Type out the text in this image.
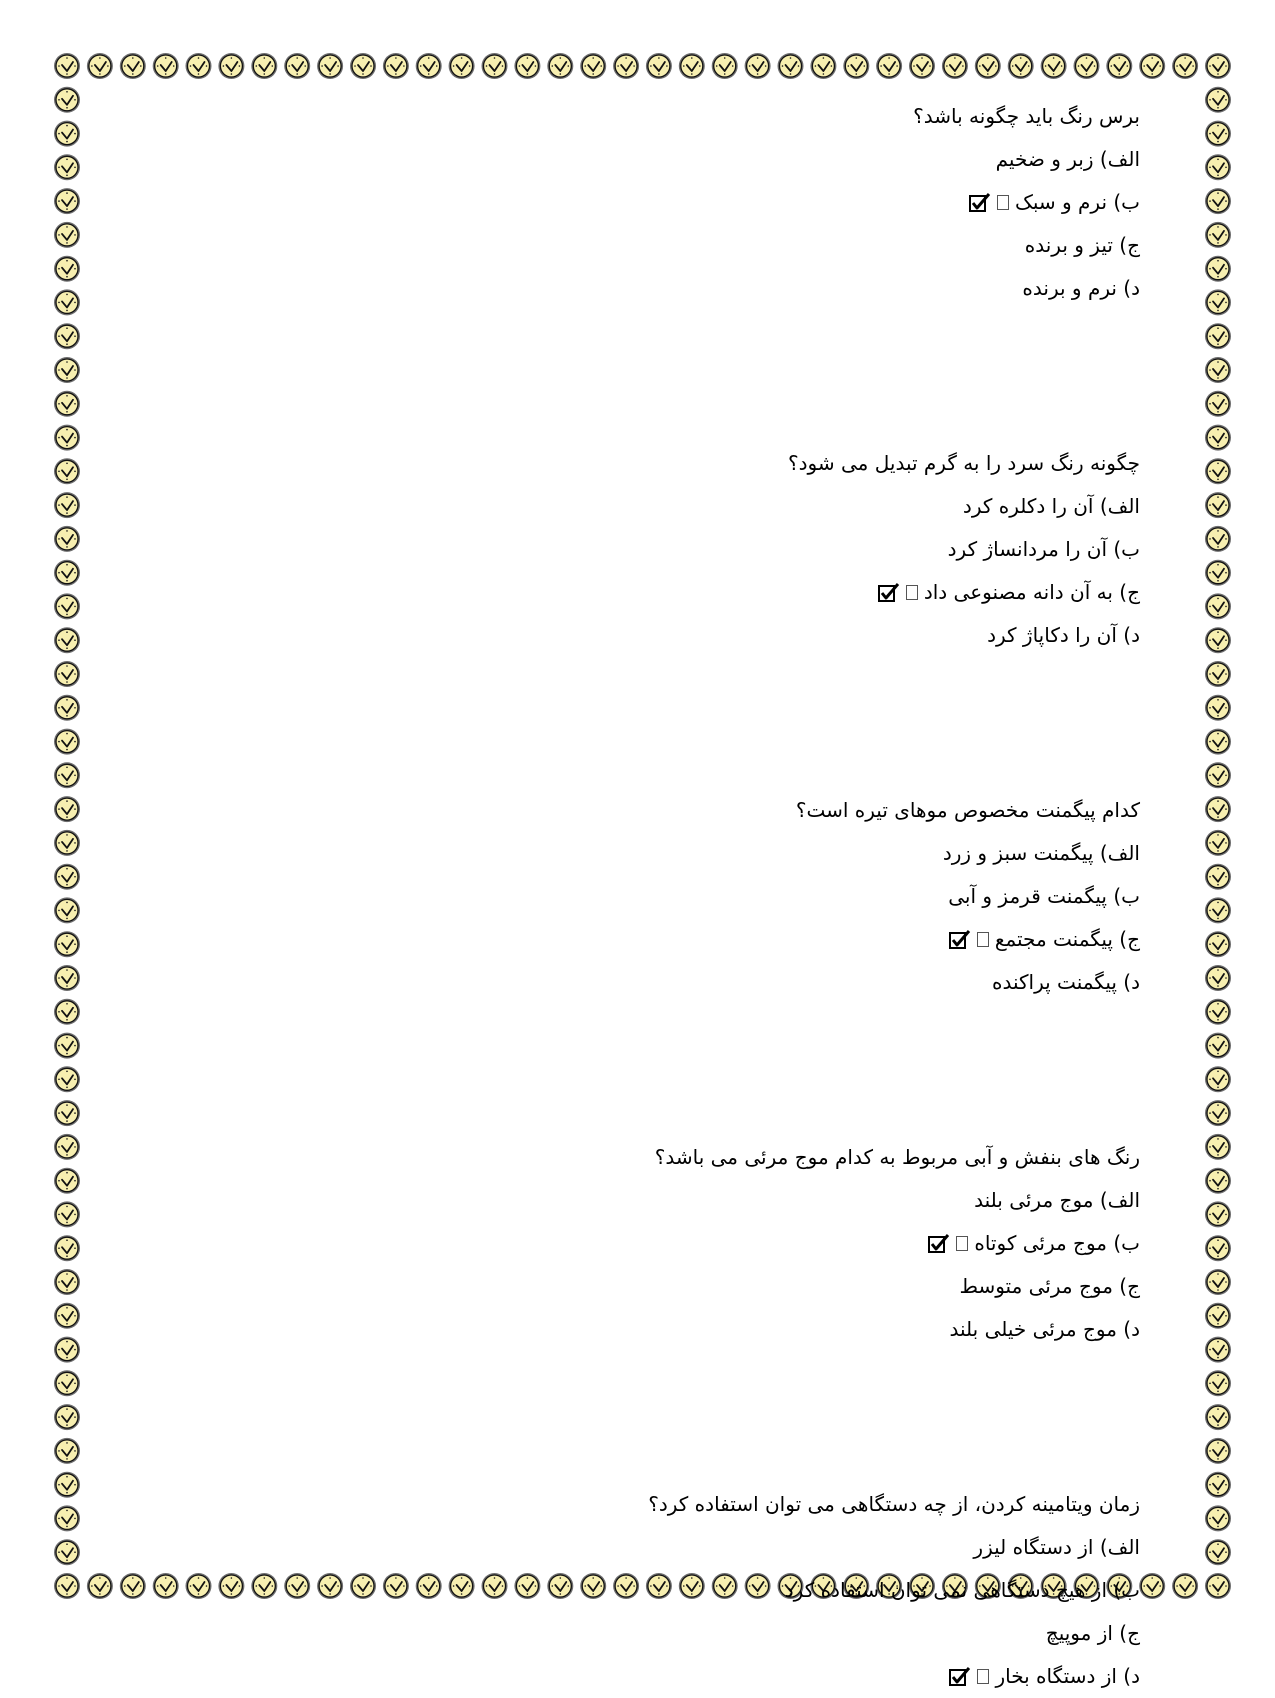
برس رنگ باید چگونه باشد؟
الف) زبر و ضخیم
ب) نرم و سبک
ج) تیز و برنده
د) نرم و برنده
چگونه رنگ سرد را به گرم تبدیل می شود؟
الف) آن را دکلره کرد
ب) آن را مردانساژ کرد
ج) به آن دانه مصنوعی داد
د) آن را دکاپاژ کرد
کدام پیگمنت مخصوص موهای تیره است؟
الف) پیگمنت سبز و زرد
ب) پیگمنت قرمز و آبی
ج) پیگمنت مجتمع
د) پیگمنت پراکنده
رنگ های بنفش و آبی مربوط به کدام موج مرئی می باشد؟
الف) موج مرئی بلند
ب) موج مرئی کوتاه
ج) موج مرئی متوسط
د) موج مرئی خیلی بلند
زمان ویتامینه کردن، از چه دستگاهی می توان استفاده کرد؟
الف) از دستگاه لیزر
ب) از هیچ دستگاهی نمی توان استفاده کرد
ج) از موپیچ
د) از دستگاه بخار
